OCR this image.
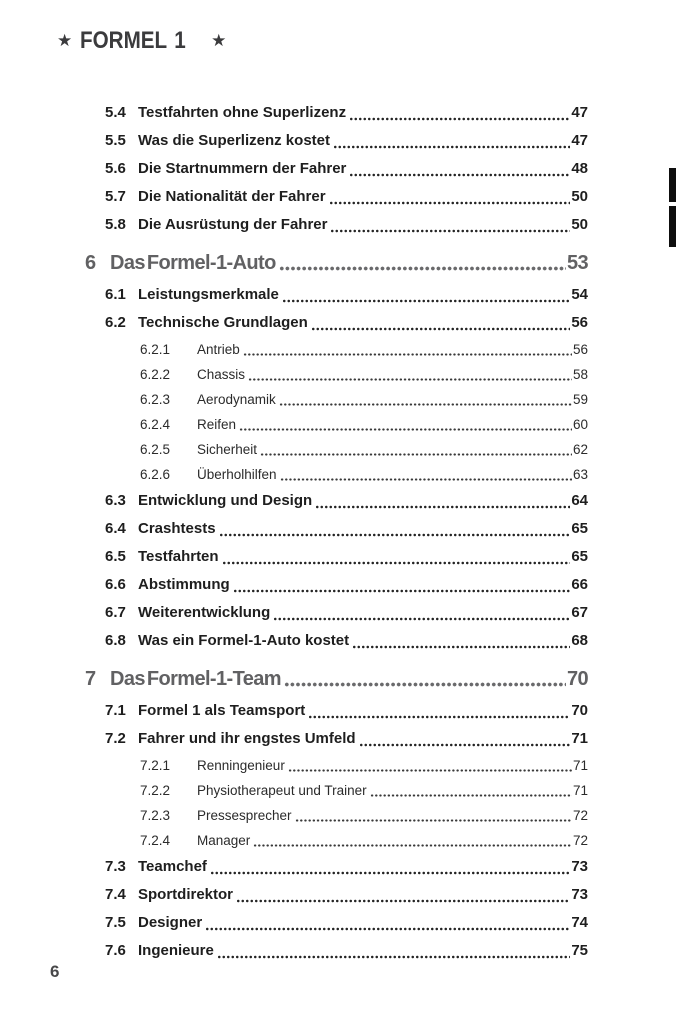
★ FORMEL 1 ★
5.4 Testfahrten ohne Superlizenz	47
5.5 Was die Superlizenz kostet	47
5.6 Die Startnummern der Fahrer	48
5.7 Die Nationalität der Fahrer	50
5.8 Die Ausrüstung der Fahrer	50
6 Das Formel-1-Auto	53
6.1 Leistungsmerkmale	54
6.2 Technische Grundlagen	56
6.2.1	Antrieb	56
6.2.2	Chassis	58
6.2.3	Aerodynamik	59
6.2.4	Reifen	60
6.2.5	Sicherheit	62
6.2.6	Überholhilfen	63
6.3 Entwicklung und Design	64
6.4 Crashtests	65
6.5 Testfahrten	65
6.6 Abstimmung	66
6.7 Weiterentwicklung	67
6.8 Was ein Formel-1-Auto kostet	68
7 Das Formel-1-Team	70
7.1 Formel 1 als Teamsport	70
7.2 Fahrer und ihr engstes Umfeld	71
7.2.1	Renningenieur	71
7.2.2	Physiotherapeut und Trainer	71
7.2.3	Pressesprecher	72
7.2.4	Manager	72
7.3 Teamchef	73
7.4 Sportdirektor	73
7.5 Designer	74
7.6 Ingenieure	75
6
